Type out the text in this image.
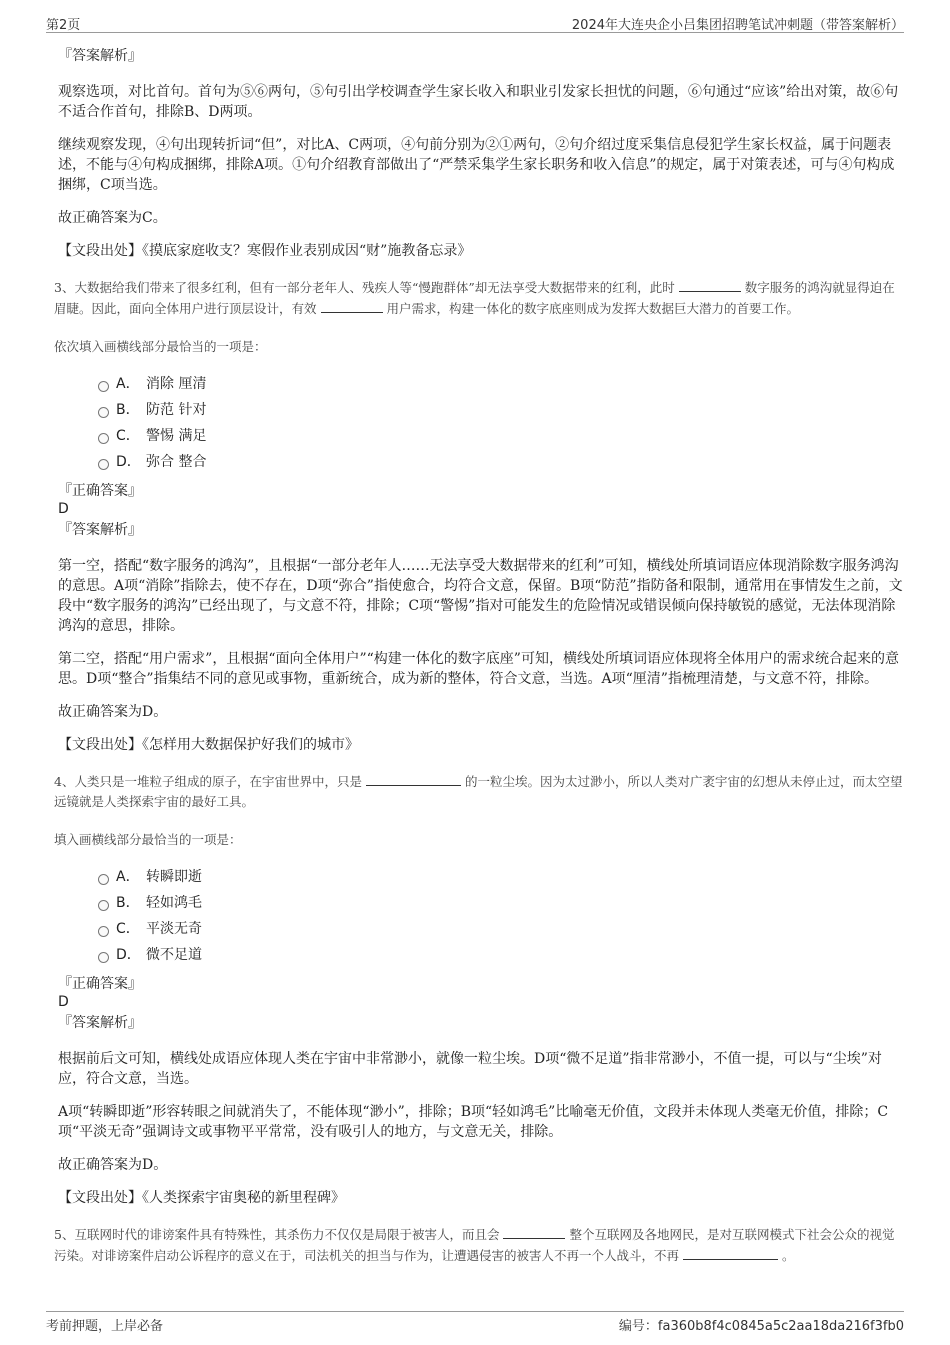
第2页	2024年大连央企小吕集团招聘笔试冲刺题（带答案解析）
『答案解析』
观察选项，对比首句。首句为⑤⑥两句，⑤句引出学校调查学生家长收入和职业引发家长担忧的问题，⑥句通过“应该”给出对策，故⑥句不适合作首句，排除B、D两项。
继续观察发现，④句出现转折词“但”，对比A、C两项，④句前分别为②①两句，②句介绍过度采集信息侵犯学生家长权益，属于问题表述，不能与④句构成捆绑，排除A项。①句介绍教育部做出了“严禁采集学生家长职务和收入信息”的规定，属于对策表述，可与④句构成捆绑，C项当选。
故正确答案为C。
【文段出处】《摸底家庭收支？寒假作业表别成因“财”施教备忘录》
3、大数据给我们带来了很多红利，但有一部分老年人、残疾人等“慢跑群体”却无法享受大数据带来的红利，此时	数字服务的鸿沟就显得迫在眉睫。因此，面向全体用户进行顶层设计，有效	用户需求，构建一体化的数字底座则成为发挥大数据巨大潜力的首要工作。
依次填入画横线部分最恰当的一项是：
A． 消除 厘清
B． 防范 针对
C． 警惕 满足
D． 弥合 整合
『正确答案』
D
『答案解析』
第一空，搭配“数字服务的鸿沟”，且根据“一部分老年人……无法享受大数据带来的红利”可知，横线处所填词语应体现消除数字服务鸿沟的意思。A项“消除”指除去，使不存在，D项“弥合”指使愈合，均符合文意，保留。B项“防范”指防备和限制，通常用在事情发生之前，文段中“数字服务的鸿沟”已经出现了，与文意不符，排除；C项“警惕”指对可能发生的危险情况或错误倾向保持敏锐的感觉，无法体现消除鸿沟的意思，排除。
第二空，搭配“用户需求”，且根据“面向全体用户”“构建一体化的数字底座”可知，横线处所填词语应体现将全体用户的需求统合起来的意思。D项“整合”指集结不同的意见或事物，重新统合，成为新的整体，符合文意，当选。A项“厘清”指梳理清楚，与文意不符，排除。
故正确答案为D。
【文段出处】《怎样用大数据保护好我们的城市》
4、人类只是一堆粒子组成的原子，在宇宙世界中，只是	的一粒尘埃。因为太过渺小，所以人类对广袤宇宙的幻想从未停止过，而太空望远镜就是人类探索宇宙的最好工具。
填入画横线部分最恰当的一项是：
A． 转瞬即逝
B． 轻如鸿毛
C． 平淡无奇
D． 微不足道
『正确答案』
D
『答案解析』
根据前后文可知，横线处成语应体现人类在宇宙中非常渺小，就像一粒尘埃。D项“微不足道”指非常渺小，不值一提，可以与“尘埃”对应，符合文意，当选。
A项“转瞬即逝”形容转眼之间就消失了，不能体现“渺小”，排除；B项“轻如鸿毛”比喻毫无价值，文段并未体现人类毫无价值，排除；C项“平淡无奇”强调诗文或事物平平常常，没有吸引人的地方，与文意无关，排除。
故正确答案为D。
【文段出处】《人类探索宇宙奥秘的新里程碑》
5、互联网时代的诽谤案件具有特殊性，其杀伤力不仅仅是局限于被害人，而且会	整个互联网及各地网民，是对互联网模式下社会公众的视觉污染。对诽谤案件启动公诉程序的意义在于，司法机关的担当与作为，让遭遇侵害的被害人不再一个人战斗，不再	。
考前押题，上岸必备	编号：fa360b8f4c0845a5c2aa18da216f3fb0
